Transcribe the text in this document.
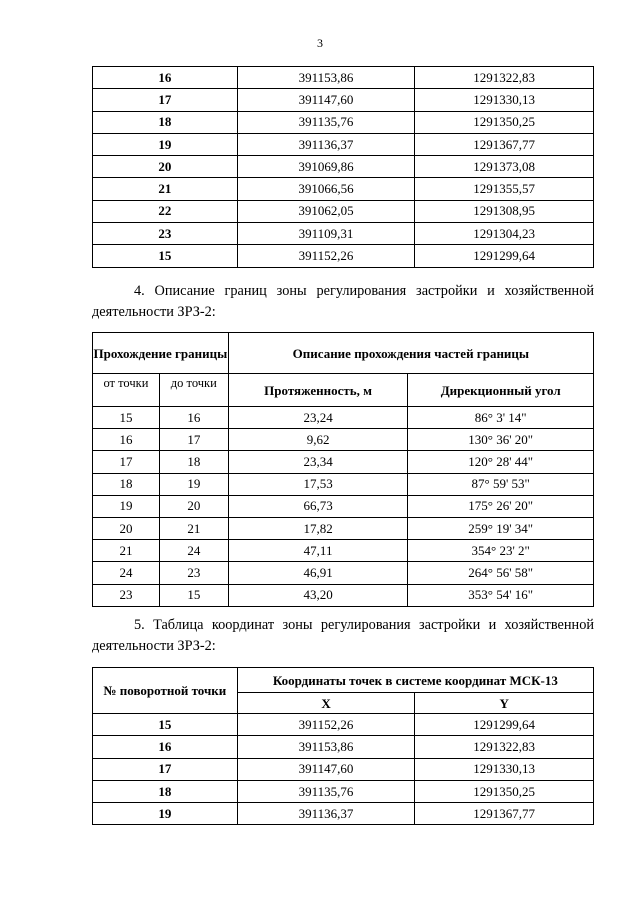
3
16	391153,86	1291322,83
17	391147,60	1291330,13
18	391135,76	1291350,25
19	391136,37	1291367,77
20	391069,86	1291373,08
21	391066,56	1291355,57
22	391062,05	1291308,95
23	391109,31	1291304,23
15	391152,26	1291299,64
4. Описание границ зоны регулирования застройки и хозяйственной деятельности ЗРЗ-2:
Прохождение границы		Описание прохождения частей границы	
от точки	до точки	Протяженность, м	Дирекционный угол
15	16	23,24	86° 3' 14"
16	17	9,62	130° 36' 20"
17	18	23,34	120° 28' 44"
18	19	17,53	87° 59' 53"
19	20	66,73	175° 26' 20"
20	21	17,82	259° 19' 34"
21	24	47,11	354° 23' 2"
24	23	46,91	264° 56' 58"
23	15	43,20	353° 54' 16"
5. Таблица координат зоны регулирования застройки и хозяйственной деятельности ЗРЗ-2:
№ поворотной точки	Координаты точек в системе координат МСК-13	
	X	Y
15	391152,26	1291299,64
16	391153,86	1291322,83
17	391147,60	1291330,13
18	391135,76	1291350,25
19	391136,37	1291367,77
